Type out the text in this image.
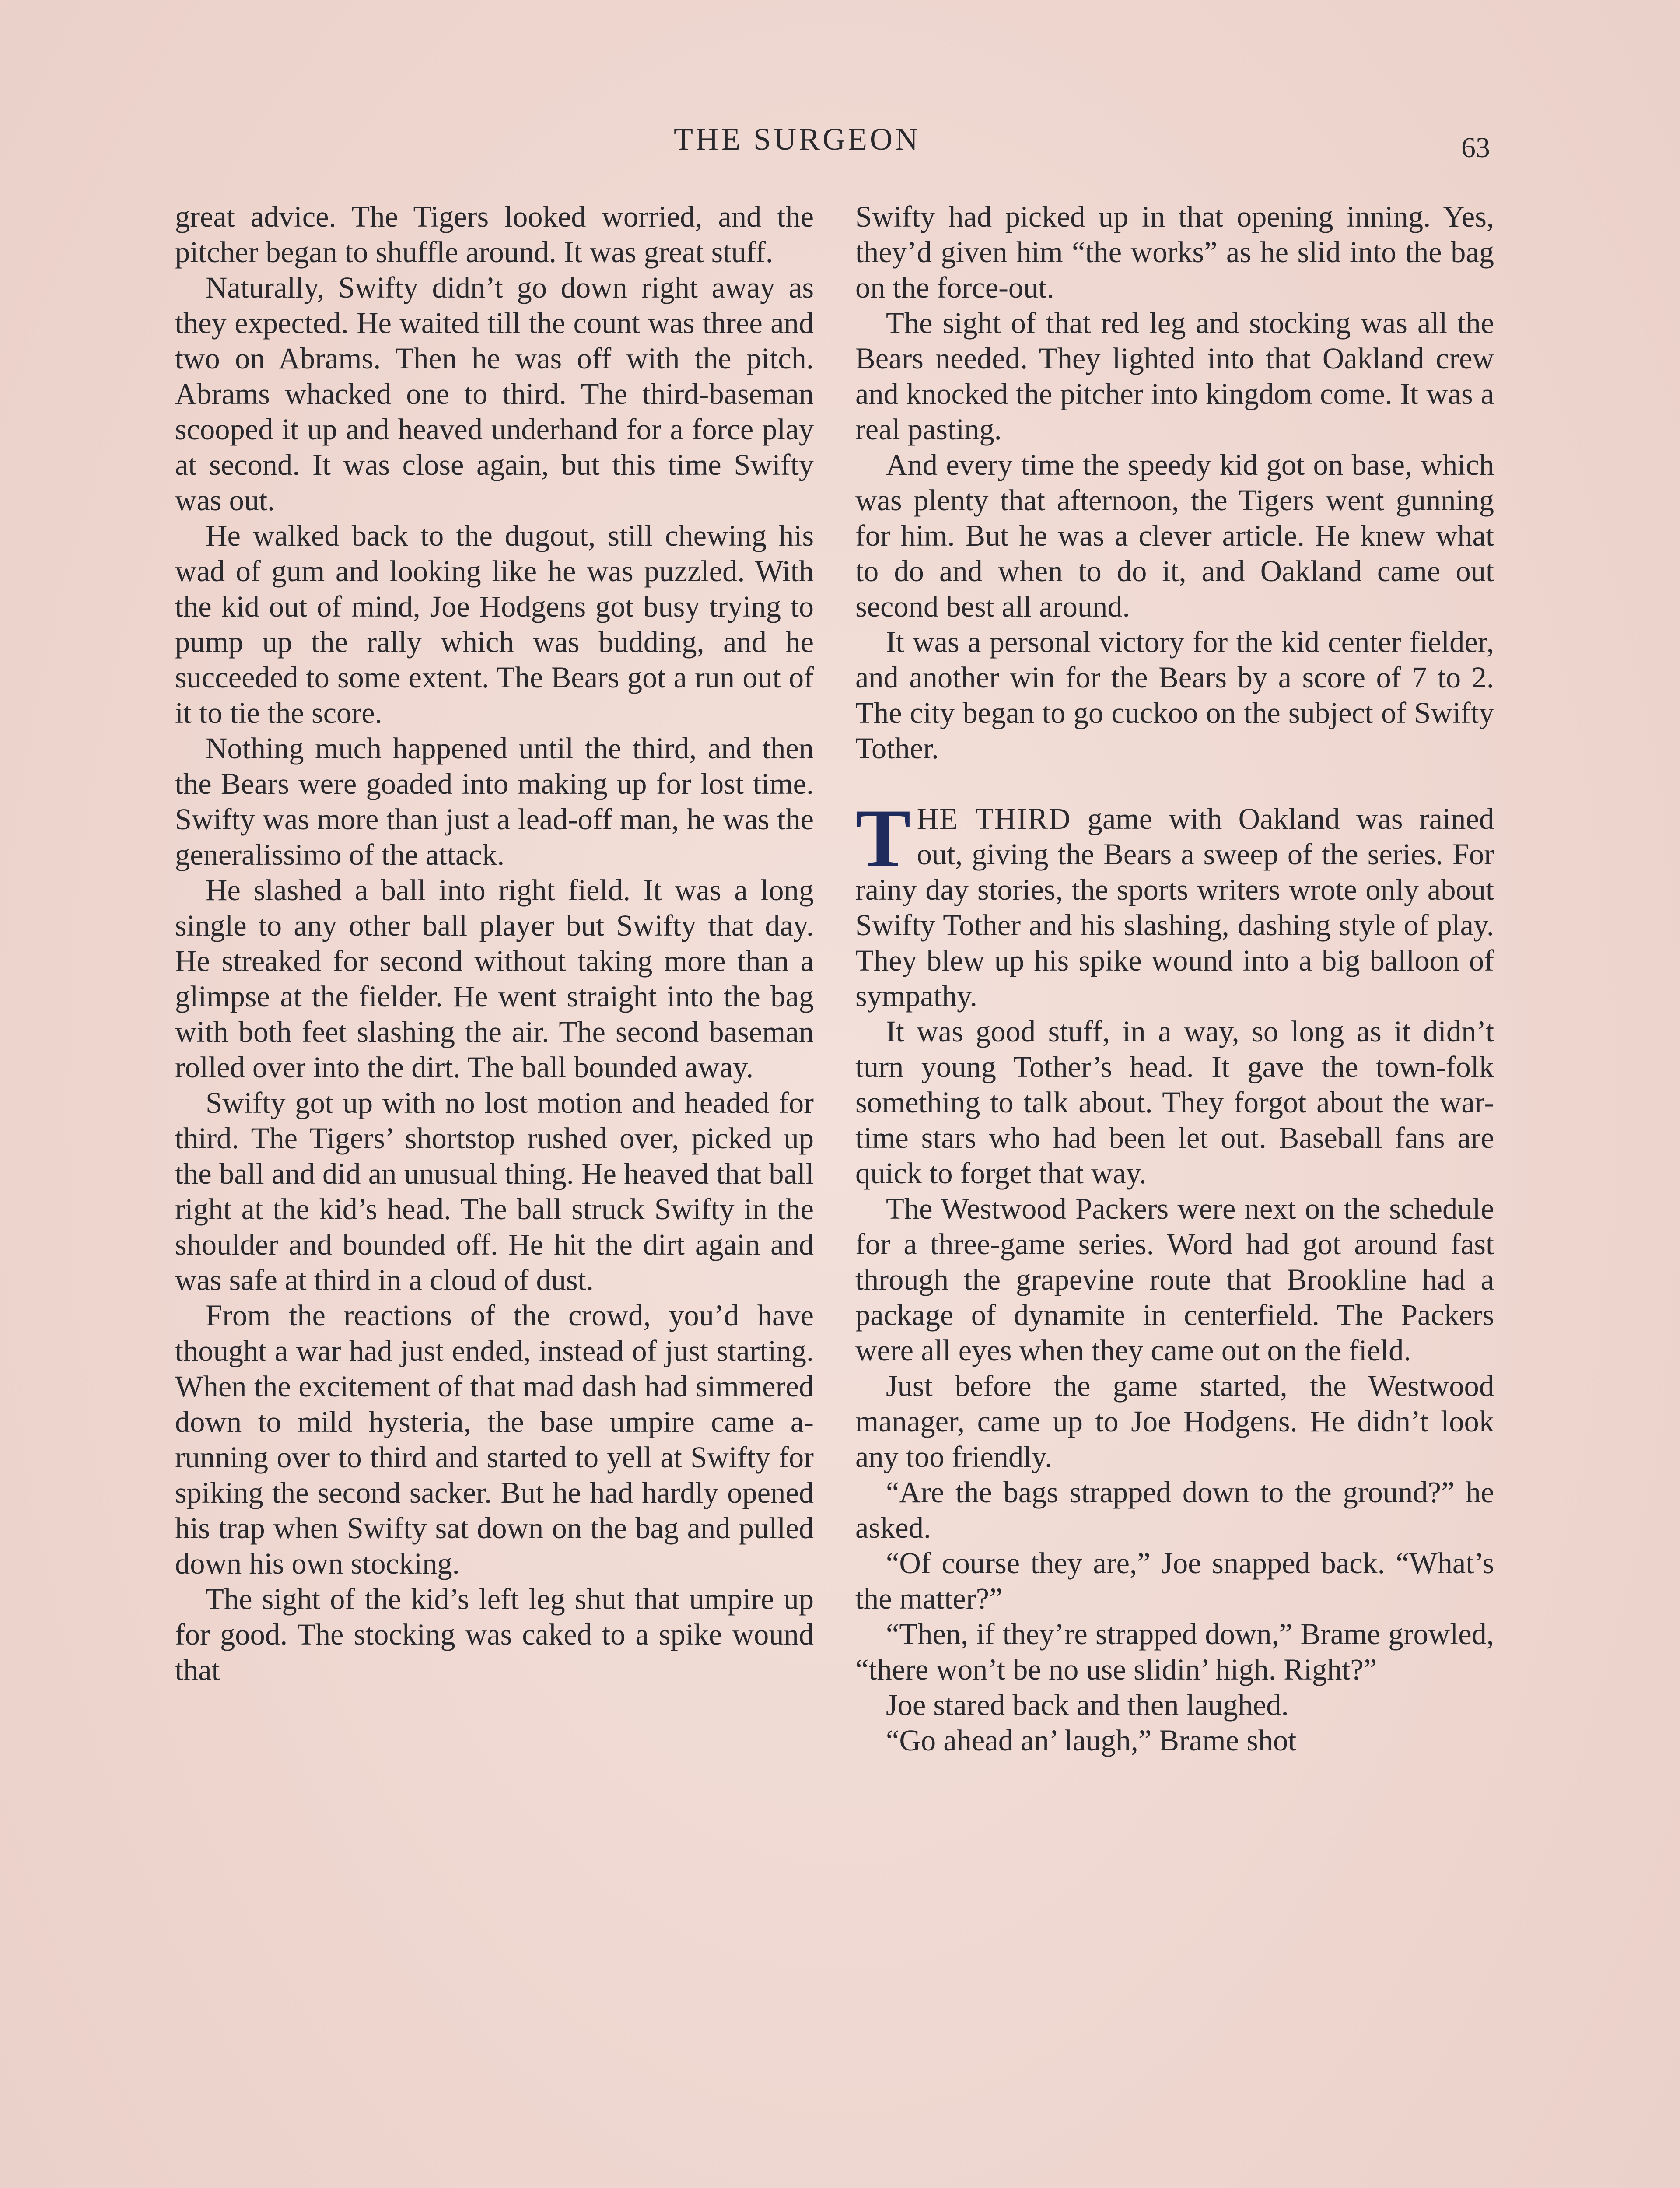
THE SURGEON	63

great advice. The Tigers looked worried, and the pitcher began to shuffle around. It was great stuff.

Naturally, Swifty didn’t go down right away as they expected. He waited till the count was three and two on Abrams. Then he was off with the pitch. Abrams whacked one to third. The third-baseman scooped it up and heaved underhand for a force play at second. It was close again, but this time Swifty was out.

He walked back to the dugout, still chewing his wad of gum and looking like he was puzzled. With the kid out of mind, Joe Hodgens got busy trying to pump up the rally which was budding, and he succeeded to some extent. The Bears got a run out of it to tie the score.

Nothing much happened until the third, and then the Bears were goaded into making up for lost time. Swifty was more than just a lead-off man, he was the generalissimo of the attack.

He slashed a ball into right field. It was a long single to any other ball player but Swifty that day. He streaked for second without taking more than a glimpse at the fielder. He went straight into the bag with both feet slashing the air. The second baseman rolled over into the dirt. The ball bounded away.

Swifty got up with no lost motion and headed for third. The Tigers’ shortstop rushed over, picked up the ball and did an unusual thing. He heaved that ball right at the kid’s head. The ball struck Swifty in the shoulder and bounded off. He hit the dirt again and was safe at third in a cloud of dust.

From the reactions of the crowd, you’d have thought a war had just ended, instead of just starting. When the excitement of that mad dash had simmered down to mild hysteria, the base umpire came a-running over to third and started to yell at Swifty for spiking the second sacker. But he had hardly opened his trap when Swifty sat down on the bag and pulled down his own stocking.

The sight of the kid’s left leg shut that umpire up for good. The stocking was caked to a spike wound that

Swifty had picked up in that opening inning. Yes, they’d given him “the works” as he slid into the bag on the force-out.

The sight of that red leg and stocking was all the Bears needed. They lighted into that Oakland crew and knocked the pitcher into kingdom come. It was a real pasting.

And every time the speedy kid got on base, which was plenty that afternoon, the Tigers went gunning for him. But he was a clever article. He knew what to do and when to do it, and Oakland came out second best all around.

It was a personal victory for the kid center fielder, and another win for the Bears by a score of 7 to 2. The city began to go cuckoo on the subject of Swifty Tother.

THE THIRD game with Oakland was rained out, giving the Bears a sweep of the series. For rainy day stories, the sports writers wrote only about Swifty Tother and his slashing, dashing style of play. They blew up his spike wound into a big balloon of sympathy.

It was good stuff, in a way, so long as it didn’t turn young Tother’s head. It gave the town-folk something to talk about. They forgot about the war-time stars who had been let out. Baseball fans are quick to forget that way.

The Westwood Packers were next on the schedule for a three-game series. Word had got around fast through the grapevine route that Brookline had a package of dynamite in centerfield. The Packers were all eyes when they came out on the field.

Just before the game started, the Westwood manager, came up to Joe Hodgens. He didn’t look any too friendly.

“Are the bags strapped down to the ground?” he asked.

“Of course they are,” Joe snapped back. “What’s the matter?”

“Then, if they’re strapped down,” Brame growled, “there won’t be no use slidin’ high. Right?”

Joe stared back and then laughed.

“Go ahead an’ laugh,” Brame shot
